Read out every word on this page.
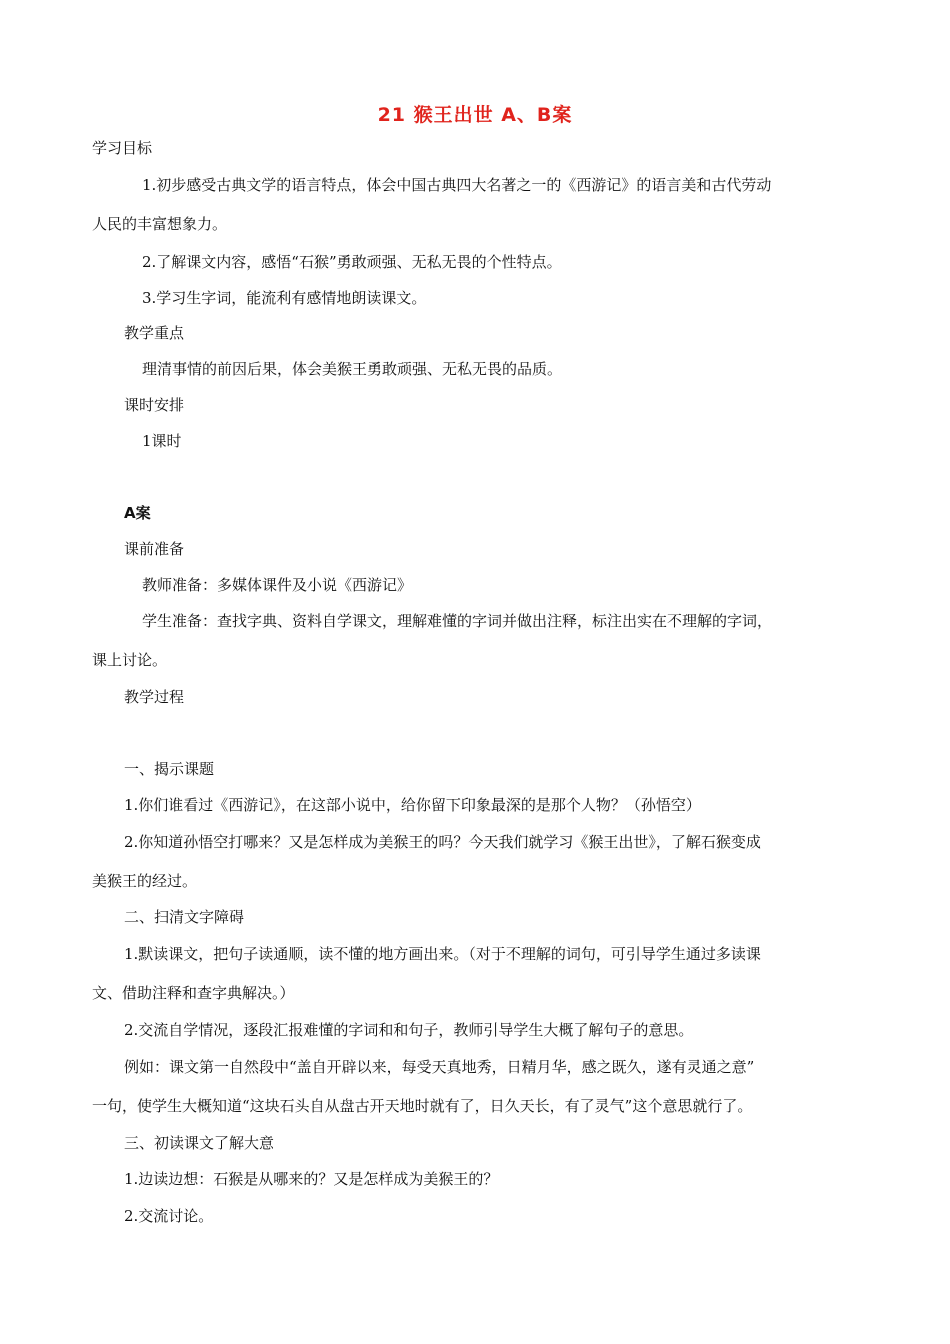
21 猴王出世 A、B案
学习目标
1.初步感受古典文学的语言特点，体会中国古典四大名著之一的《西游记》的语言美和古代劳动
人民的丰富想象力。
2.了解课文内容，感悟“石猴”勇敢顽强、无私无畏的个性特点。
3.学习生字词，能流利有感情地朗读课文。
教学重点
理清事情的前因后果，体会美猴王勇敢顽强、无私无畏的品质。
课时安排
1课时
A案
课前准备
教师准备：多媒体课件及小说《西游记》
学生准备：查找字典、资料自学课文，理解难懂的字词并做出注释，标注出实在不理解的字词，
课上讨论。
教学过程
一、揭示课题
1.你们谁看过《西游记》，在这部小说中，给你留下印象最深的是那个人物？（孙悟空）
2.你知道孙悟空打哪来？又是怎样成为美猴王的吗？今天我们就学习《猴王出世》，了解石猴变成
美猴王的经过。
二、扫清文字障碍
1.默读课文，把句子读通顺，读不懂的地方画出来。（对于不理解的词句，可引导学生通过多读课
文、借助注释和查字典解决。）
2.交流自学情况，逐段汇报难懂的字词和和句子，教师引导学生大概了解句子的意思。
例如：课文第一自然段中“盖自开辟以来，每受天真地秀，日精月华，感之既久，遂有灵通之意”
一句，使学生大概知道“这块石头自从盘古开天地时就有了，日久天长，有了灵气”这个意思就行了。
三、初读课文了解大意
1.边读边想：石猴是从哪来的？又是怎样成为美猴王的？
2.交流讨论。
